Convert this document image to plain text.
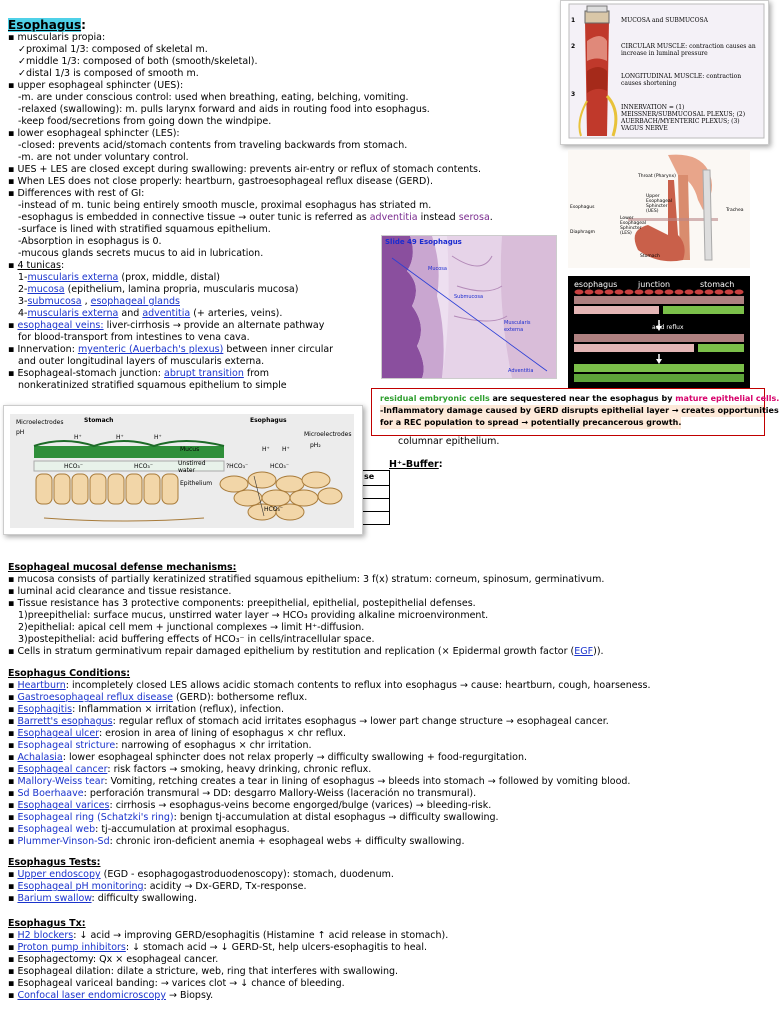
Esophagus:
▪ muscularis propia:
✓proximal 1/3: composed of skeletal m.
✓middle 1/3: composed of both (smooth/skeletal).
✓distal 1/3 is composed of smooth m.
▪ upper esophageal sphincter (UES):
-m. are under conscious control: used when breathing, eating, belching, vomiting.
-relaxed (swallowing): m. pulls larynx forward and aids in routing food into esophagus.
-keep food/secretions from going down the windpipe.
▪ lower esophageal sphincter (LES):
-closed: prevents acid/stomach contents from traveling backwards from stomach.
-m. are not under voluntary control.
▪ UES + LES are closed except during swallowing: prevents air-entry or reflux of stomach contents.
▪ When LES does not close properly: heartburn, gastroesophageal reflux disease (GERD).
▪ Differences with rest of GI:
-instead of m. tunic being entirely smooth muscle, proximal esophagus has striated m.
-esophagus is embedded in connective tissue → outer tunic is referred as adventitia instead serosa.
-surface is lined with stratified squamous epithelium.
-Absorption in esophagus is 0.
-mucous glands secrets mucus to aid in lubrication.
▪ 4 tunicas:
1-muscularis externa (prox, middle, distal)
2-mucosa (epithelium, lamina propria, muscularis mucosa)
3-submucosa , esophageal glands
4-muscularis externa and adventitia (+ arteries, veins).
▪ esophageal veins: liver-cirrhosis → provide an alternate pathway
for blood-transport from intestines to vena cava.
▪ Innervation: myenteric (Auerbach's plexus) between inner circular
and outer longitudinal layers of muscularis externa.
▪ Esophageal-stomach junction: abrupt transition from
nonkeratinized stratified squamous epithelium to simple
columnar epithelium.
H⁺-Buffer:
se
1	MUCOSA and SUBMUCOSA
2	CIRCULAR MUSCLE: contraction causes an increase in luminal pressure
LONGITUDINAL MUSCLE: contraction causes shortening
3
INNERVATION = (1) MEISSNER/SUBMUCOSAL PLEXUS; (2) AUERBACH/MYENTERIC PLEXUS; (3) VAGUS NERVE
Throat (Pharynx)
Upper Esophageal Sphincter (UES)	Trachea
Esophagus
Lower Esophageal Sphincter (LES)
Diaphragm
Stomach
Slide 49 Esophagus
Mucosa
Submucosa
Muscularis externa
Adventitia
esophagus	junction	stomach
acid reflux
residual embryonic cells are sequestered near the esophagus by mature epithelial cells.
-Inflammatory damage caused by GERD disrupts epithelial layer → creates opportunities
for a REC population to spread → potentially precancerous growth.
Microelectrodes	Stomach	Esophagus
Microelectrodes
pH
H⁺	H⁺	H⁺
HCO₃⁻	HCO₃⁻
Mucus
Unstirred water
Epithelium
?HCO₃⁻
H⁺ H⁺
HCO₃⁻
HCO₃⁻
pH₂
Esophageal mucosal defense mechanisms:
▪ mucosa consists of partially keratinized stratified squamous epithelium: 3 f(x) stratum: corneum, spinosum, germinativum.
▪ luminal acid clearance and tissue resistance.
▪ Tissue resistance has 3 protective components: preepithelial, epithelial, postepithelial defenses.
1)preepithelial: surface mucus, unstirred water layer → HCO₃ providing alkaline microenvironment.
2)epithelial: apical cell mem + junctional complexes → limit H⁺-diffusion.
3)postepithelial: acid buffering effects of HCO₃⁻ in cells/intracellular space.
▪ Cells in stratum germinativum repair damaged epithelium by restitution and replication (× Epidermal growth factor (EGF)).
Esophagus Conditions:
▪ Heartburn: incompletely closed LES allows acidic stomach contents to reflux into esophagus → cause: heartburn, cough, hoarseness.
▪ Gastroesophageal reflux disease (GERD): bothersome reflux.
▪ Esophagitis: Inflammation × irritation (reflux), infection.
▪ Barrett's esophagus: regular reflux of stomach acid irritates esophagus → lower part change structure → esophageal cancer.
▪ Esophageal ulcer: erosion in area of lining of esophagus × chr reflux.
▪ Esophageal stricture: narrowing of esophagus × chr irritation.
▪ Achalasia: lower esophageal sphincter does not relax properly → difficulty swallowing + food-regurgitation.
▪ Esophageal cancer: risk factors → smoking, heavy drinking, chronic reflux.
▪ Mallory-Weiss tear: Vomiting, retching creates a tear in lining of esophagus → bleeds into stomach → followed by vomiting blood.
▪ Sd Boerhaave: perforación transmural → DD: desgarro Mallory-Weiss (laceración no transmural).
▪ Esophageal varices: cirrhosis → esophagus-veins become engorged/bulge (varices) → bleeding-risk.
▪ Esophageal ring (Schatzki's ring): benign tj-accumulation at distal esophagus → difficulty swallowing.
▪ Esophageal web: tj-accumulation at proximal esophagus.
▪ Plummer-Vinson-Sd: chronic iron-deficient anemia + esophageal webs + difficulty swallowing.
Esophagus Tests:
▪ Upper endoscopy (EGD - esophagogastroduodenoscopy): stomach, duodenum.
▪ Esophageal pH monitoring: acidity → Dx-GERD, Tx-response.
▪ Barium swallow: difficulty swallowing.
Esophagus Tx:
▪ H2 blockers: ↓ acid → improving GERD/esophagitis (Histamine ↑ acid release in stomach).
▪ Proton pump inhibitors: ↓ stomach acid → ↓ GERD-St, help ulcers-esophagitis to heal.
▪ Esophagectomy: Qx × esophageal cancer.
▪ Esophageal dilation: dilate a stricture, web, ring that interferes with swallowing.
▪ Esophageal variceal banding: → varices clot → ↓ chance of bleeding.
▪ Confocal laser endomicroscopy → Biopsy.
